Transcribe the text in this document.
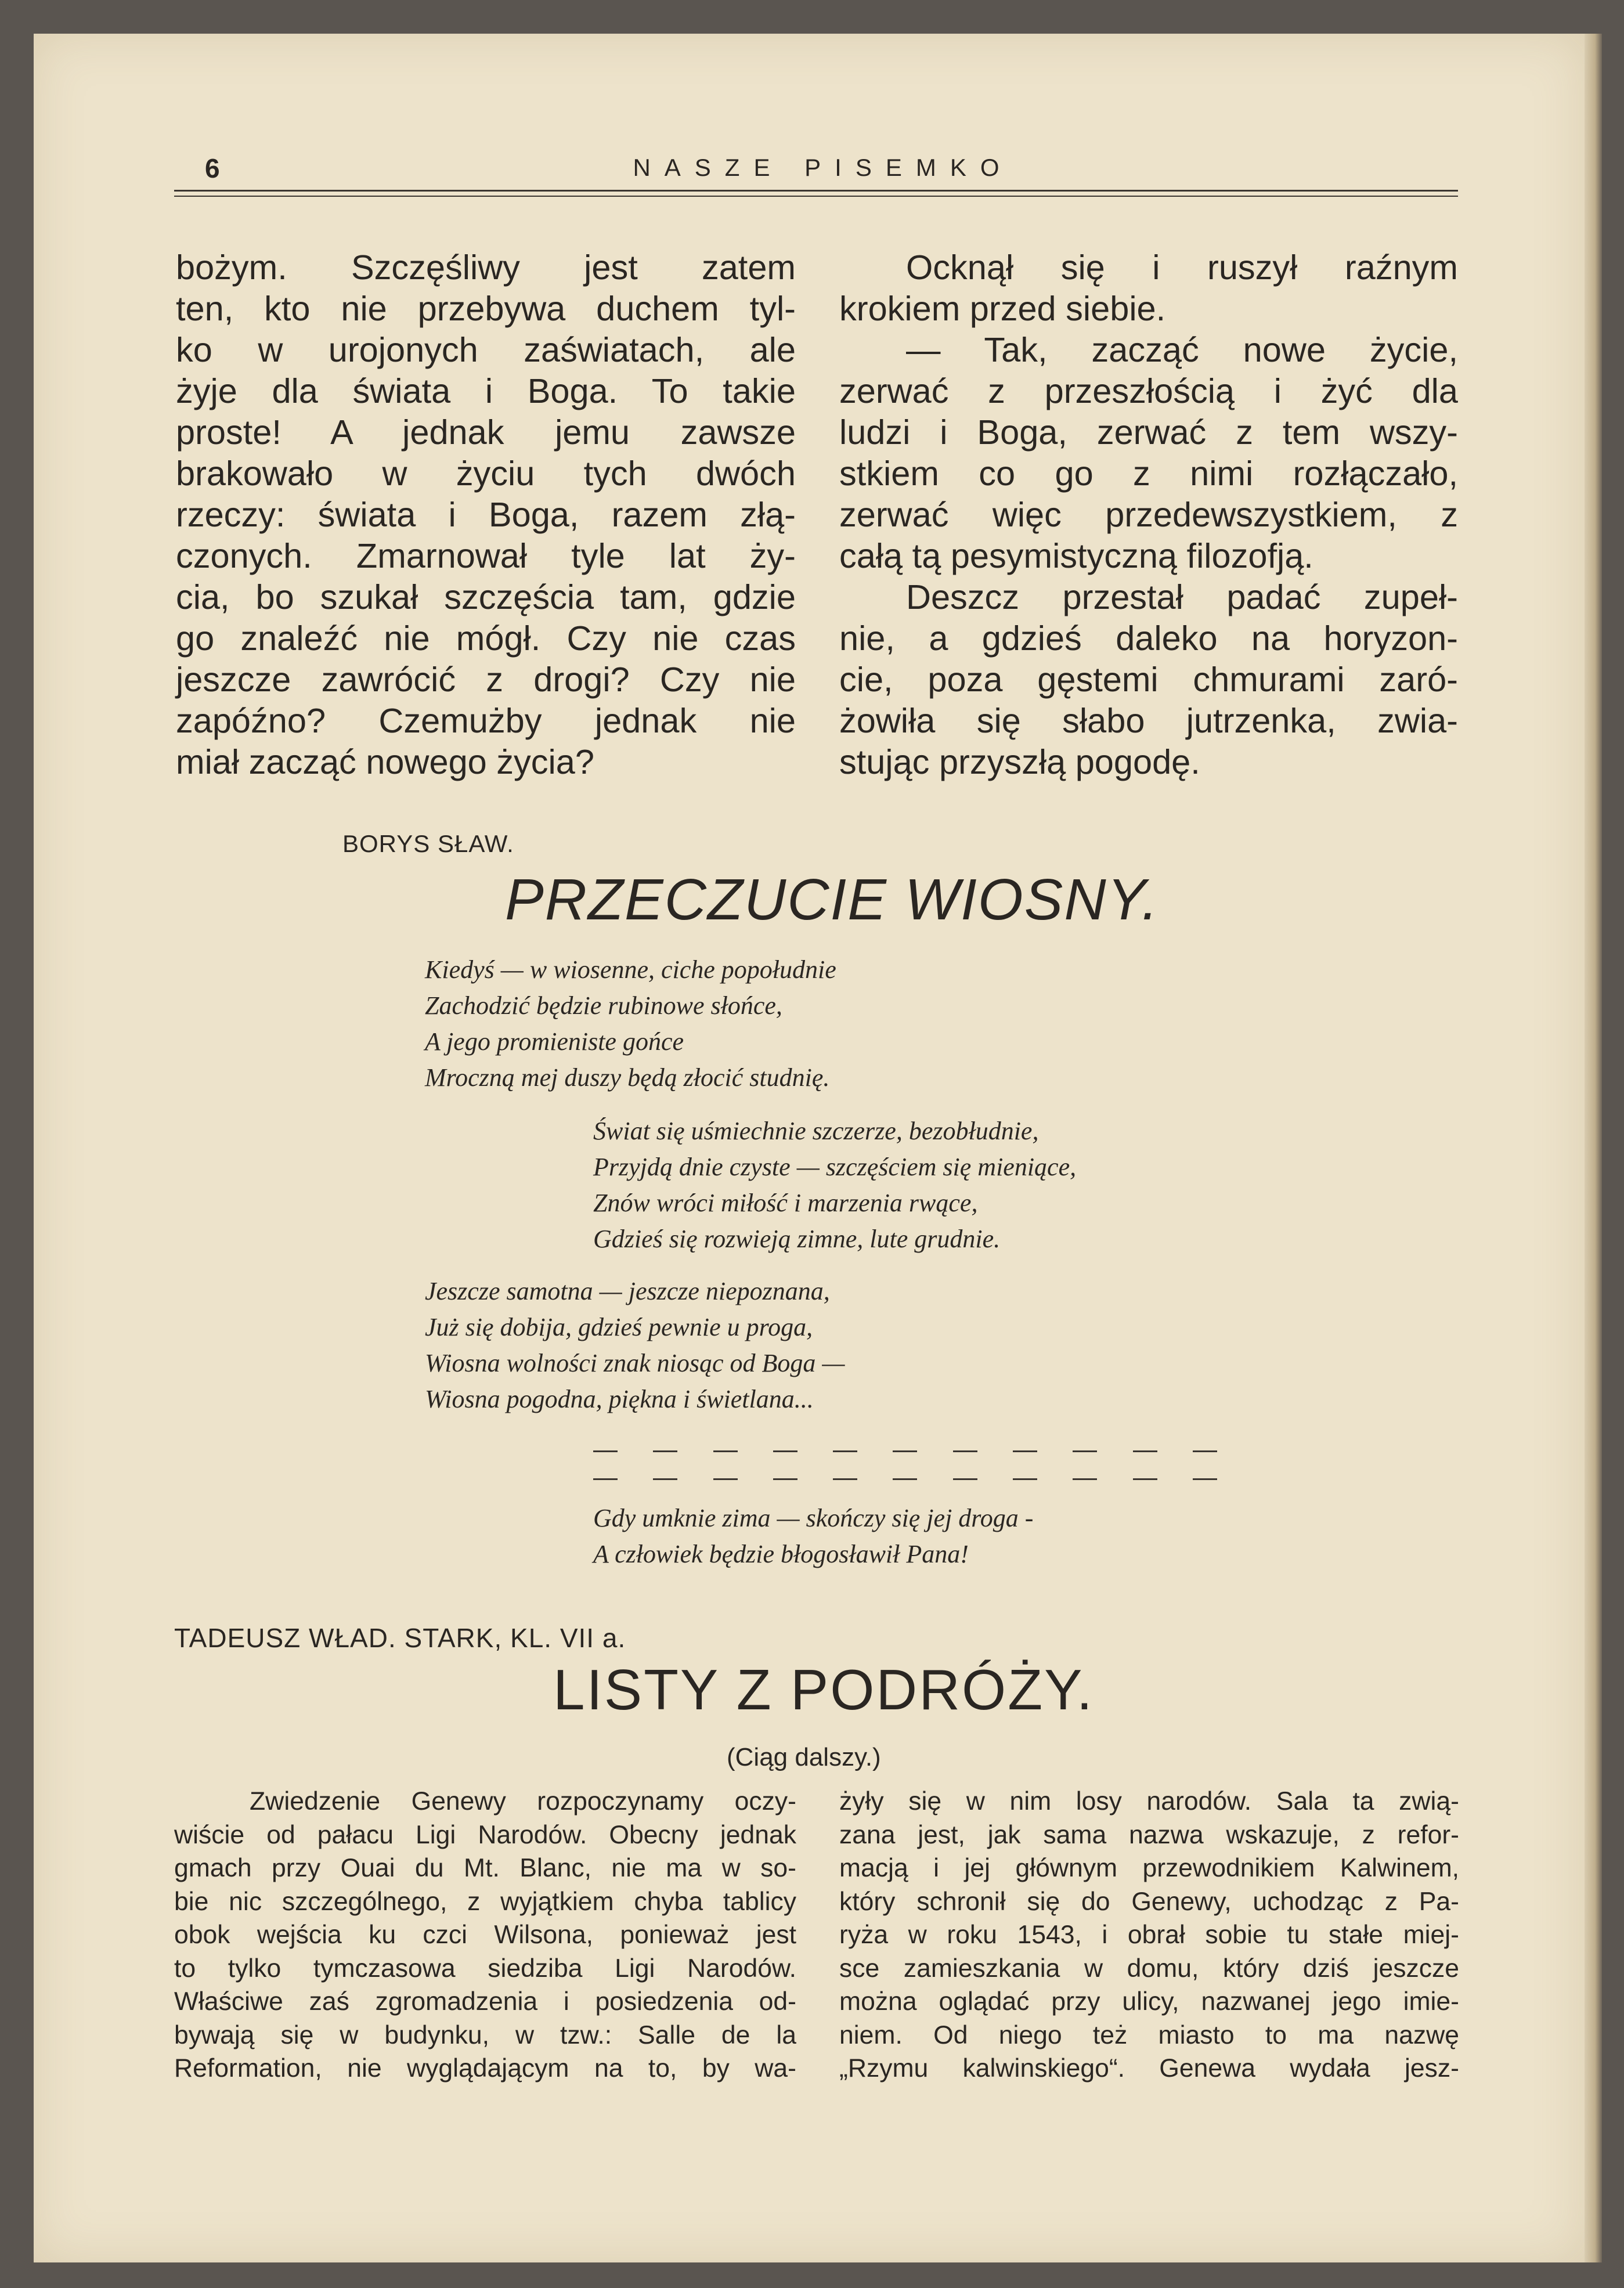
6	NASZE PISEMKO
bożym. Szczęśliwy jest zatem
ten, kto nie przebywa duchem tyl-
ko w urojonych zaświatach, ale
żyje dla świata i Boga. To takie
proste! A jednak jemu zawsze
brakowało w życiu tych dwóch
rzeczy: świata i Boga, razem złą-
czonych. Zmarnował tyle lat ży-
cia, bo szukał szczęścia tam, gdzie
go znaleźć nie mógł. Czy nie czas
jeszcze zawrócić z drogi? Czy nie
zapóźno? Czemużby jednak nie
miał zacząć nowego życia?
Ocknął się i ruszył raźnym
krokiem przed siebie.
— Tak, zacząć nowe życie,
zerwać z przeszłością i żyć dla
ludzi i Boga, zerwać z tem wszy-
stkiem co go z nimi rozłączało,
zerwać więc przedewszystkiem, z
całą tą pesymistyczną filozofją.
Deszcz przestał padać zupeł-
nie, a gdzieś daleko na horyzon-
cie, poza gęstemi chmurami zaró-
żowiła się słabo jutrzenka, zwia-
stując przyszłą pogodę.
BORYS SŁAW.
PRZECZUCIE WIOSNY.
Kiedyś — w wiosenne, ciche popołudnie
Zachodzić będzie rubinowe słońce,
A jego promieniste gońce
Mroczną mej duszy będą złocić studnię.
Świat się uśmiechnie szczerze, bezobłudnie,
Przyjdą dnie czyste — szczęściem się mieniące,
Znów wróci miłość i marzenia rwące,
Gdzieś się rozwieją zimne, lute grudnie.
Jeszcze samotna — jeszcze niepoznana,
Już się dobija, gdzieś pewnie u proga,
Wiosna wolności znak niosąc od Boga —
Wiosna pogodna, piękna i świetlana...
Gdy umknie zima — skończy się jej droga -
A człowiek będzie błogosławił Pana!
TADEUSZ WŁAD. STARK, KL. VII a.
LISTY Z PODRÓŻY.
(Ciąg dalszy.)
Zwiedzenie Genewy rozpoczynamy oczy-
wiście od pałacu Ligi Narodów. Obecny jednak
gmach przy Ouai du Mt. Blanc, nie ma w so-
bie nic szczególnego, z wyjątkiem chyba tablicy
obok wejścia ku czci Wilsona, ponieważ jest
to tylko tymczasowa siedziba Ligi Narodów.
Właściwe zaś zgromadzenia i posiedzenia od-
bywają się w budynku, w tzw.: Salle de la
Reformation, nie wyglądającym na to, by wa-
żyły się w nim losy narodów. Sala ta zwią-
zana jest, jak sama nazwa wskazuje, z refor-
macją i jej głównym przewodnikiem Kalwinem,
który schronił się do Genewy, uchodząc z Pa-
ryża w roku 1543, i obrał sobie tu stałe miej-
sce zamieszkania w domu, który dziś jeszcze
można oglądać przy ulicy, nazwanej jego imie-
niem. Od niego też miasto to ma nazwę
„Rzymu kalwinskiego“. Genewa wydała jesz-
